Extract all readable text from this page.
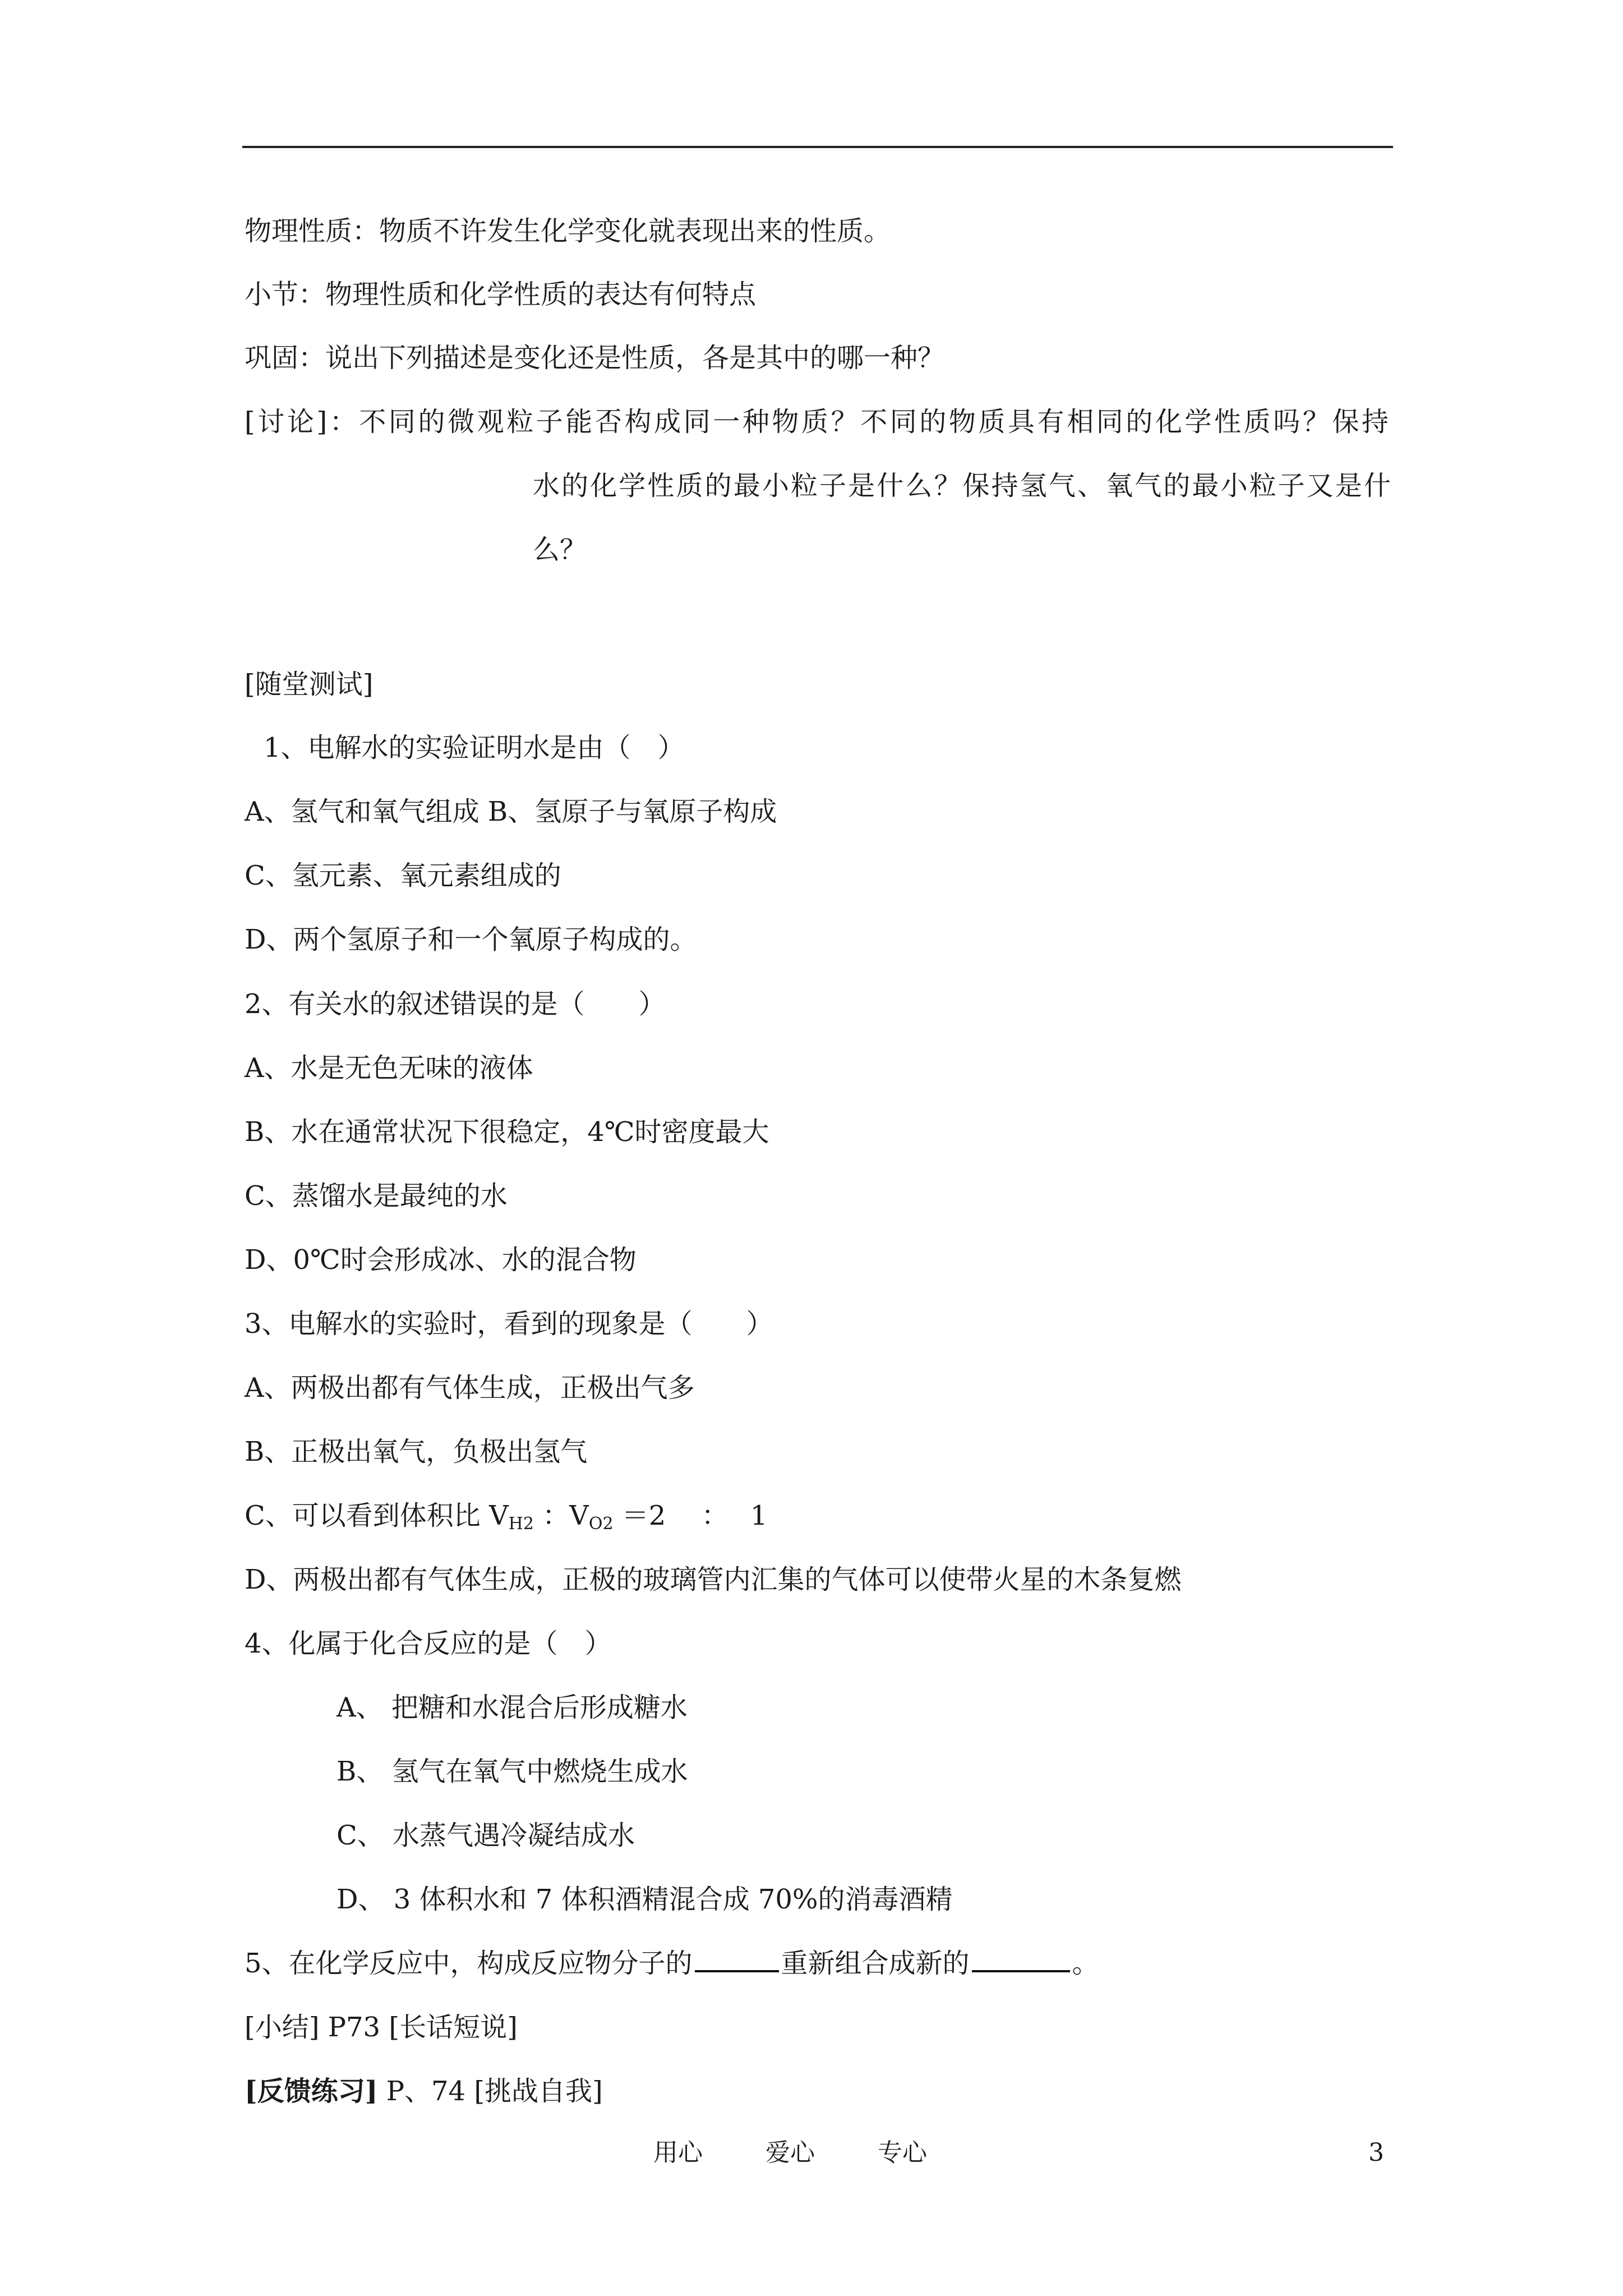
物理性质：物质不许发生化学变化就表现出来的性质。
小节：物理性质和化学性质的表达有何特点
巩固：说出下列描述是变化还是性质，各是其中的哪一种？
[讨论]：不同的微观粒子能否构成同一种物质？不同的物质具有相同的化学性质吗？保持
水的化学性质的最小粒子是什么？保持氢气、氧气的最小粒子又是什
么？
[随堂测试]
1、电解水的实验证明水是由（　）
A、氢气和氧气组成 B、氢原子与氧原子构成
C、氢元素、氧元素组成的
D、两个氢原子和一个氧原子构成的。
2、有关水的叙述错误的是（　　）
A、水是无色无味的液体
B、水在通常状况下很稳定，4℃时密度最大
C、蒸馏水是最纯的水
D、0℃时会形成冰、水的混合物
3、电解水的实验时，看到的现象是（　　）
A、两极出都有气体生成，正极出气多
B、正极出氧气，负极出氢气
C、可以看到体积比 $V_{H2}$ ：$V_{O2} =2$　 ：　 1
D、两极出都有气体生成，正极的玻璃管内汇集的气体可以使带火星的木条复燃
4、化属于化合反应的是（　）
A、 把糖和水混合后形成糖水
B、 氢气在氧气中燃烧生成水
C、 水蒸气遇冷凝结成水
D、 3 体积水和 7 体积酒精混合成 70%的消毒酒精
5、在化学反应中，构成反应物分子的	重新组合成新的	。
[小结] P73 [长话短说]
[反馈练习] P、74 [挑战自我]
用心	爱心	专心	3
